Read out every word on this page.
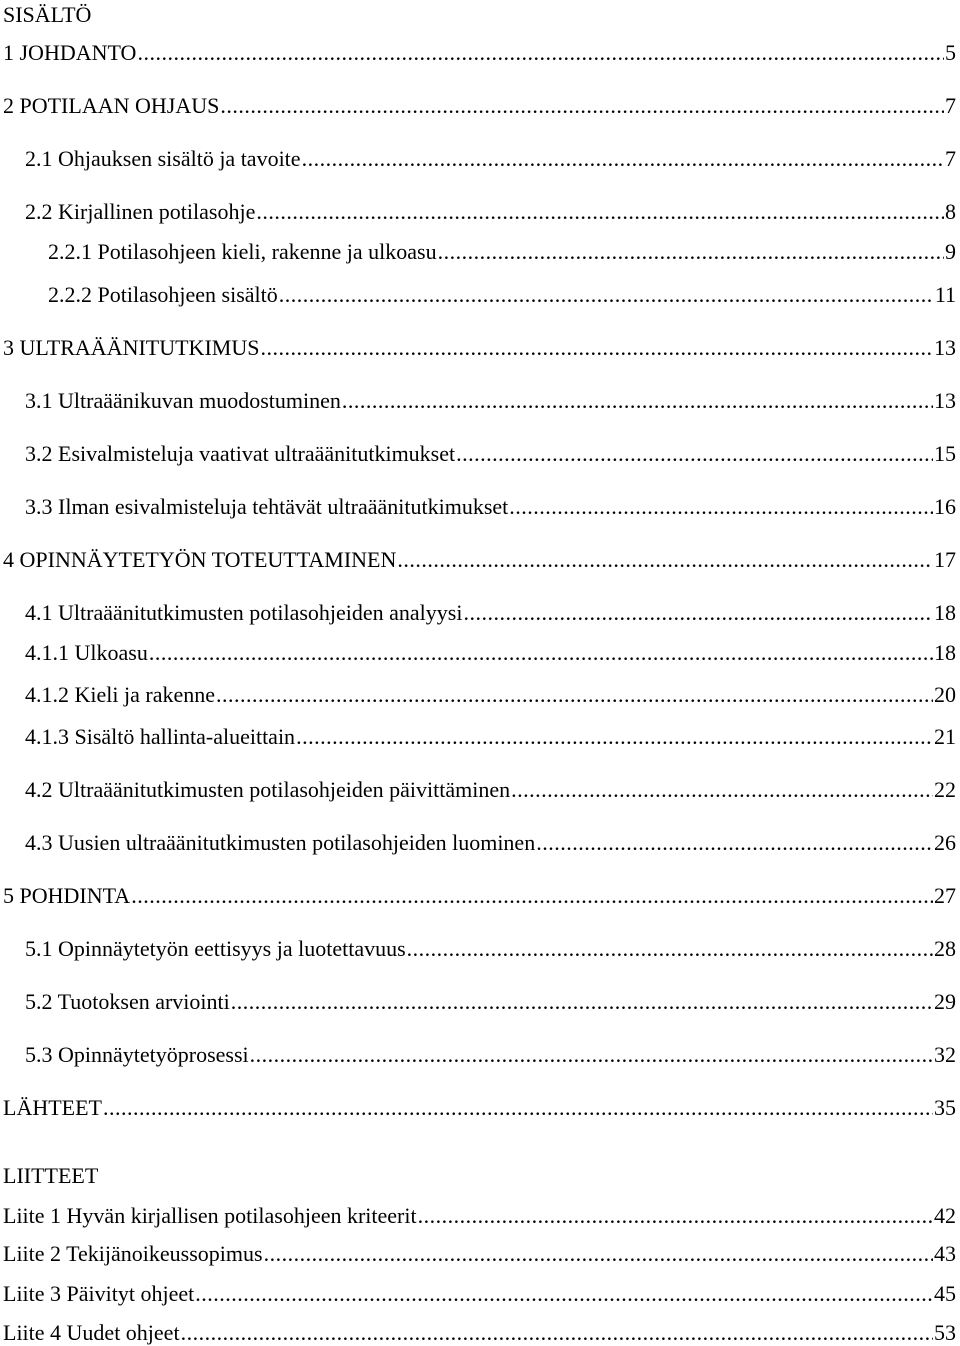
SISÄLTÖ
1 JOHDANTO .....	5
2 POTILAAN OHJAUS .....	7
2.1 Ohjauksen sisältö ja tavoite .....	7
2.2 Kirjallinen potilasohje .....	8
2.2.1 Potilasohjeen kieli, rakenne ja ulkoasu .....	9
2.2.2 Potilasohjeen sisältö .....	11
3 ULTRAÄÄNITUTKIMUS .....	13
3.1 Ultraäänikuvan muodostuminen .....	13
3.2 Esivalmisteluja vaativat ultraäänitutkimukset .....	15
3.3 Ilman esivalmisteluja tehtävät ultraäänitutkimukset .....	16
4 OPINNÄYTETYÖN TOTEUTTAMINEN .....	17
4.1 Ultraäänitutkimusten potilasohjeiden analyysi .....	18
4.1.1 Ulkoasu .....	18
4.1.2 Kieli ja rakenne .....	20
4.1.3 Sisältö hallinta-alueittain .....	21
4.2 Ultraäänitutkimusten potilasohjeiden päivittäminen .....	22
4.3 Uusien ultraäänitutkimusten potilasohjeiden luominen .....	26
5 POHDINTA .....	27
5.1 Opinnäytetyön eettisyys ja luotettavuus .....	28
5.2 Tuotoksen arviointi .....	29
5.3 Opinnäytetyöprosessi .....	32
LÄHTEET .....	35
LIITTEET
Liite 1 Hyvän kirjallisen potilasohjeen kriteerit .....	42
Liite 2 Tekijänoikeussopimus .....	43
Liite 3 Päivityt ohjeet .....	45
Liite 4 Uudet ohjeet .....	53
